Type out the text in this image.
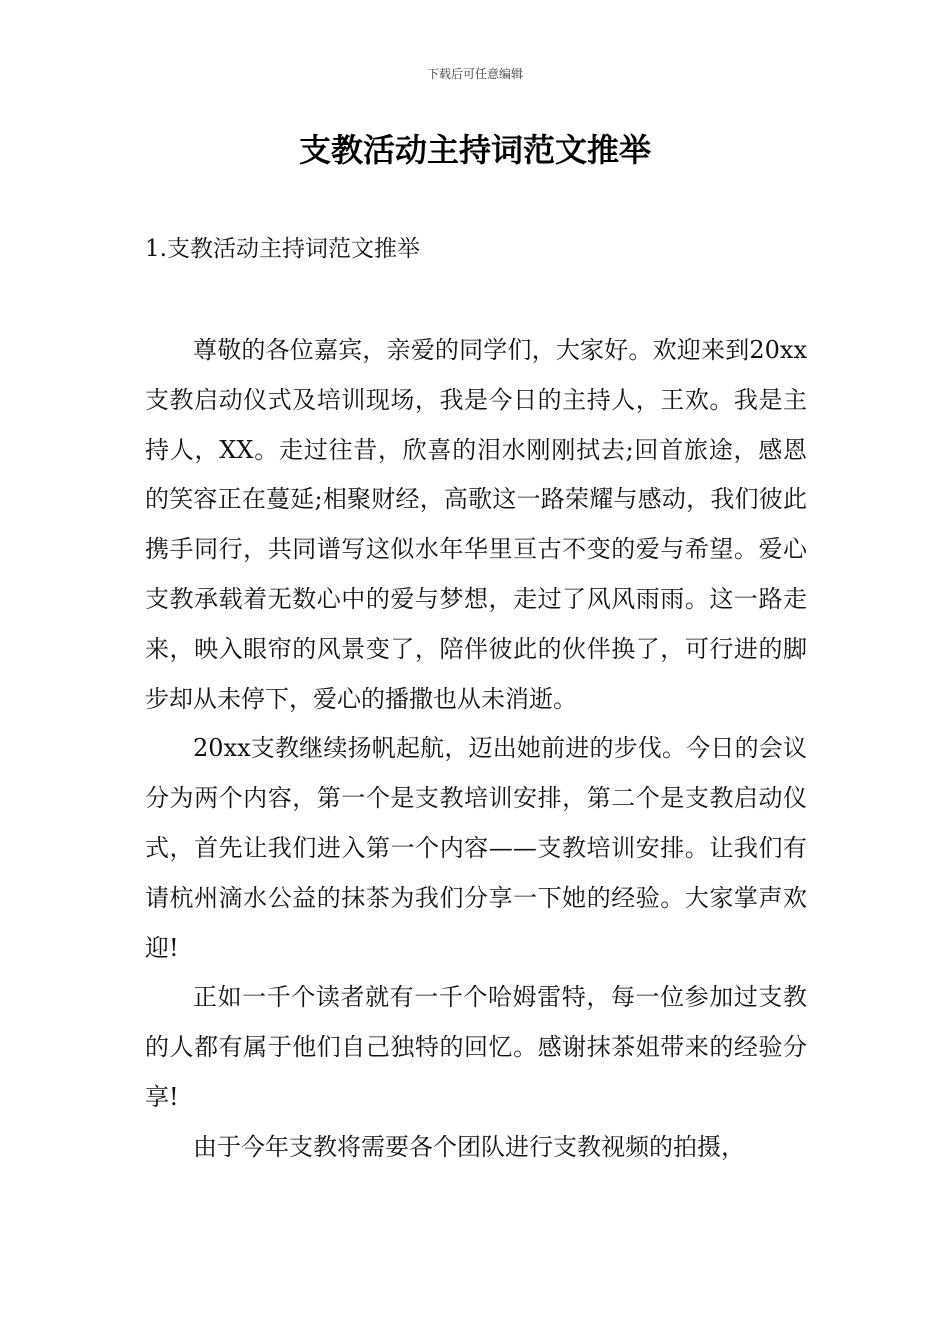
下载后可任意编辑
支教活动主持词范文推举
1.支教活动主持词范文推举

尊敬的各位嘉宾，亲爱的同学们，大家好。欢迎来到20xx支教启动仪式及培训现场，我是今日的主持人，王欢。我是主持人，XX。走过往昔，欣喜的泪水刚刚拭去;回首旅途，感恩的笑容正在蔓延;相聚财经，高歌这一路荣耀与感动，我们彼此携手同行，共同谱写这似水年华里亘古不变的爱与希望。爱心支教承载着无数心中的爱与梦想，走过了风风雨雨。这一路走来，映入眼帘的风景变了，陪伴彼此的伙伴换了，可行进的脚步却从未停下，爱心的播撒也从未消逝。

20xx支教继续扬帆起航，迈出她前进的步伐。今日的会议分为两个内容，第一个是支教培训安排，第二个是支教启动仪式，首先让我们进入第一个内容——支教培训安排。让我们有请杭州滴水公益的抹茶为我们分享一下她的经验。大家掌声欢迎!

正如一千个读者就有一千个哈姆雷特，每一位参加过支教的人都有属于他们自己独特的回忆。感谢抹茶姐带来的经验分享!

由于今年支教将需要各个团队进行支教视频的拍摄，
